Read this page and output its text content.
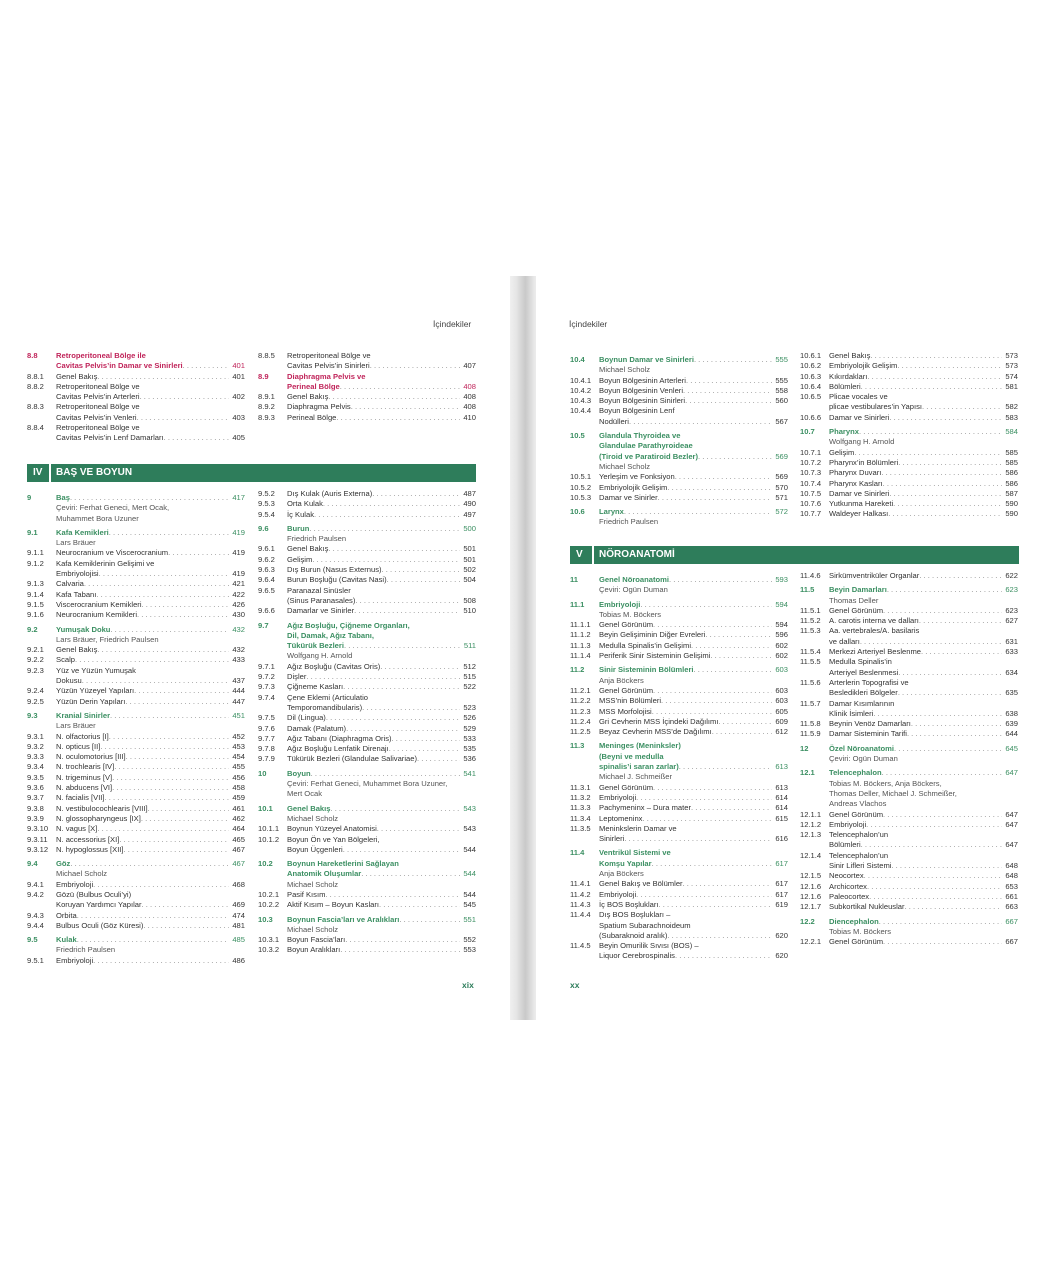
İçindekiler
8.8 Retroperitoneal Bölge ile
Cavitas Pelvis’in Damar ve Sinirleri . . .	401
8.8.1 Genel Bakış . . .	401
8.8.2 Retroperitoneal Bölge ve
Cavitas Pelvis’in Arterleri . . .	402
8.8.3 Retroperitoneal Bölge ve
Cavitas Pelvis’in Venleri . . .	403
8.8.4 Retroperitoneal Bölge ve
Cavitas Pelvis’in Lenf Damarları . . .	405
8.8.5 Retroperitoneal Bölge ve
Cavitas Pelvis’in Sinirleri . . .	407
8.9 Diaphragma Pelvis ve
Perineal Bölge . . .	408
8.9.1 Genel Bakış . . .	408
8.9.2 Diaphragma Pelvis . . .	408
8.9.3 Perineal Bölge . . .	410
IV BAŞ VE BOYUN
9	Baş . . .	417
Çeviri: Ferhat Geneci, Mert Ocak,
Muhammet Bora Uzuner
9.1 Kafa Kemikleri . . .	419
Lars Bräuer
9.1.1 Neurocranium ve Viscerocranium . . .	419
9.1.2 Kafa Kemiklerinin Gelişimi ve
Embriyolojisi . . .	419
9.1.3 Calvaria . . .	421
9.1.4 Kafa Tabanı . . .	422
9.1.5 Viscerocranium Kemikleri . . .	426
9.1.6 Neurocranium Kemikleri . . .	430
9.2 Yumuşak Doku . . .	432
Lars Bräuer, Friedrich Paulsen
9.2.1 Genel Bakış . . .	432
9.2.2 Scalp . . .	433
9.2.3 Yüz ve Yüzün Yumuşak
Dokusu . . .	437
9.2.4 Yüzün Yüzeyel Yapıları . . .	444
9.2.5 Yüzün Derin Yapıları . . .	447
9.3 Kranial Sinirler . . .	451
Lars Bräuer
9.3.1 N. olfactorius [I] . . .	452
9.3.2 N. opticus [II] . . .	453
9.3.3 N. oculomotorius [III] . . .	454
9.3.4 N. trochlearis [IV] . . .	455
9.3.5 N. trigeminus [V] . . .	456
9.3.6 N. abducens [VI] . . .	458
9.3.7 N. facialis [VII] . . .	459
9.3.8 N. vestibulocochlearis [VIII] . . .	461
9.3.9 N. glossopharyngeus [IX] . . .	462
9.3.10 N. vagus [X] . . .	464
9.3.11 N. accessorius [XI] . . .	465
9.3.12 N. hypoglossus [XII] . . .	467
9.4 Göz . . .	467
Michael Scholz
9.4.1 Embriyoloji . . .	468
9.4.2 Gözü (Bulbus Oculi’yi)
Koruyan Yardımcı Yapılar . . .	469
9.4.3 Orbita . . .	474
9.4.4 Bulbus Oculi (Göz Küresi) . . .	481
9.5 Kulak . . .	485
Friedrich Paulsen
9.5.1 Embriyoloji . . .	486
9.5.2 Dış Kulak (Auris Externa) . . .	487
9.5.3 Orta Kulak . . .	490
9.5.4 İç Kulak . . .	497
9.6 Burun . . .	500
Friedrich Paulsen
9.6.1 Genel Bakış . . .	501
9.6.2 Gelişim . . .	501
9.6.3 Dış Burun (Nasus Externus) . . .	502
9.6.4 Burun Boşluğu (Cavitas Nasi) . . .	504
9.6.5 Paranazal Sinüsler
(Sinus Paranasales) . . .	508
9.6.6 Damarlar ve Sinirler . . .	510
9.7 Ağız Boşluğu, Çiğneme Organları,
Dil, Damak, Ağız Tabanı,
Tükürük Bezleri . . .	511
Wolfgang H. Arnold
9.7.1 Ağız Boşluğu (Cavitas Oris) . . .	512
9.7.2 Dişler . . .	515
9.7.3 Çiğneme Kasları . . .	522
9.7.4 Çene Eklemi (Articulatio
Temporomandibularis) . . .	523
9.7.5 Dil (Lingua) . . .	526
9.7.6 Damak (Palatum) . . .	529
9.7.7 Ağız Tabanı (Diaphragma Oris) . . .	533
9.7.8 Ağız Boşluğu Lenfatik Direnajı . . .	535
9.7.9 Tükürük Bezleri (Glandulae Salivariae) . . .	536
10	Boyun . . .	541
Çeviri: Ferhat Geneci, Muhammet Bora Uzuner,
Mert Ocak
10.1 Genel Bakış . . .	543
Michael Scholz
10.1.1 Boynun Yüzeyel Anatomisi . . .	543
10.1.2 Boyun Ön ve Yan Bölgeleri,
Boyun Üçgenleri . . .	544
10.2 Boynun Hareketlerini Sağlayan
Anatomik Oluşumlar . . .	544
Michael Scholz
10.2.1 Pasif Kısım . . .	544
10.2.2 Aktif Kısım – Boyun Kasları . . .	545
10.3 Boynun Fascia’ları ve Aralıkları . . .	551
Michael Scholz
10.3.1 Boyun Fascia’ları . . .	552
10.3.2 Boyun Aralıkları . . .	553
xix
İçindekiler
10.4 Boynun Damar ve Sinirleri . . .	555
Michael Scholz
10.4.1 Boyun Bölgesinin Arterleri . . .	555
10.4.2 Boyun Bölgesinin Venleri . . .	558
10.4.3 Boyun Bölgesinin Sinirleri . . .	560
10.4.4 Boyun Bölgesinin Lenf
Nodülleri . . .	567
10.5 Glandula Thyroidea ve
Glandulae Parathyroideae
(Tiroid ve Paratiroid Bezler) . . .	569
Michael Scholz
10.5.1 Yerleşim ve Fonksiyon . . .	569
10.5.2 Embriyolojik Gelişim . . .	570
10.5.3 Damar ve Sinirler . . .	571
10.6 Larynx . . .	572
Friedrich Paulsen
10.6.1 Genel Bakış . . .	573
10.6.2 Embriyolojik Gelişim . . .	573
10.6.3 Kıkırdakları . . .	574
10.6.4 Bölümleri . . .	581
10.6.5 Plicae vocales ve
plicae vestibulares’in Yapısı . . .	582
10.6.6 Damar ve Sinirleri . . .	583
10.7 Pharynx . . .	584
Wolfgang H. Arnold
10.7.1 Gelişim . . .	585
10.7.2 Pharynx’in Bölümleri . . .	585
10.7.3 Pharynx Duvarı . . .	586
10.7.4 Pharynx Kasları . . .	586
10.7.5 Damar ve Sinirleri . . .	587
10.7.6 Yutkunma Hareketi . . .	590
10.7.7 Waldeyer Halkası . . .	590
V NÖROANATOMİ
11	Genel Nöroanatomi . . .	593
Çeviri: Ogün Duman
11.1 Embriyoloji . . .	594
Tobias M. Böckers
11.1.1 Genel Görünüm . . .	594
11.1.2 Beyin Gelişiminin Diğer Evreleri . . .	596
11.1.3 Medulla Spinalis’in Gelişimi . . .	602
11.1.4 Periferik Sinir Sisteminin Gelişimi . . .	602
11.2 Sinir Sisteminin Bölümleri . . .	603
Anja Böckers
11.2.1 Genel Görünüm . . .	603
11.2.2 MSS’nin Bölümleri . . .	603
11.2.3 MSS Morfolojisi . . .	605
11.2.4 Gri Cevherin MSS İçindeki Dağılımı . . .	609
11.2.5 Beyaz Cevherin MSS’de Dağılımı . . .	612
11.3 Meninges (Meninksler)
(Beyni ve medulla
spinalis’i saran zarlar) . . .	613
Michael J. Schmeißer
11.3.1 Genel Görünüm . . .	613
11.3.2 Embriyoloji . . .	614
11.3.3 Pachymeninx – Dura mater . . .	614
11.3.4 Leptomeninx . . .	615
11.3.5 Meninkslerin Damar ve
Sinirleri . . .	616
11.4 Ventrikül Sistemi ve
Komşu Yapılar . . .	617
Anja Böckers
11.4.1 Genel Bakış ve Bölümler . . .	617
11.4.2 Embriyoloji . . .	617
11.4.3 İç BOS Boşlukları . . .	619
11.4.4 Dış BOS Boşlukları –
Spatium Subarachnoideum
(Subaraknoid aralık) . . .	620
11.4.5 Beyin Omurilik Sıvısı (BOS) –
Liquor Cerebrospinalis . . .	620
11.4.6 Sirkümventriküler Organlar . . .	622
11.5 Beyin Damarları . . .	623
Thomas Deller
11.5.1 Genel Görünüm . . .	623
11.5.2 A. carotis interna ve dalları . . .	627
11.5.3 Aa. vertebrales/A. basilaris
ve dalları . . .	631
11.5.4 Merkezi Arteriyel Beslenme . . .	633
11.5.5 Medulla Spinalis’in
Arteriyel Beslenmesi . . .	634
11.5.6 Arterlerin Topografisi ve
Besledikleri Bölgeler . . .	635
11.5.7 Damar Kısımlarının
Klinik İsimleri . . .	638
11.5.8 Beynin Venöz Damarları . . .	639
11.5.9 Damar Sisteminin Tarifi . . .	644
12	Özel Nöroanatomi . . .	645
Çeviri: Ogün Duman
12.1 Telencephalon . . .	647
Tobias M. Böckers, Anja Böckers,
Thomas Deller, Michael J. Schmeißer,
Andreas Vlachos
12.1.1 Genel Görünüm . . .	647
12.1.2 Embriyoloji . . .	647
12.1.3 Telencephalon’un
Bölümleri . . .	647
12.1.4 Telencephalon’un
Sinir Lifleri Sistemi . . .	648
12.1.5 Neocortex . . .	648
12.1.6 Archicortex . . .	653
12.1.6 Paleocortex . . .	661
12.1.7 Subkortikal Nukleuslar . . .	663
12.2 Diencephalon . . .	667
Tobias M. Böckers
12.2.1 Genel Görünüm . . .	667
xx
